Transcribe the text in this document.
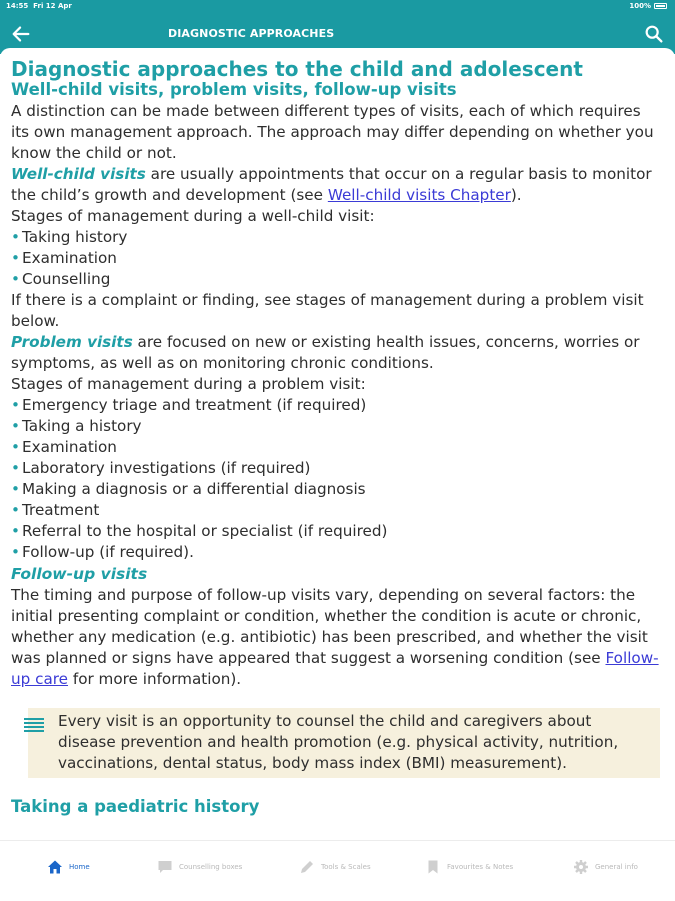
14:55 Fri 12 Apr	100%
DIAGNOSTIC APPROACHES
Diagnostic approaches to the child and adolescent
Well-child visits, problem visits, follow-up visits

A distinction can be made between different types of visits, each of which requires its own management approach. The approach may differ depending on whether you know the child or not.

Well-child visits are usually appointments that occur on a regular basis to monitor the child’s growth and development (see Well-child visits Chapter).

Stages of management during a well-child visit:

• Taking history
• Examination
• Counselling

If there is a complaint or finding, see stages of management during a problem visit below.

Problem visits are focused on new or existing health issues, concerns, worries or symptoms, as well as on monitoring chronic conditions.

Stages of management during a problem visit:

• Emergency triage and treatment (if required)
• Taking a history
• Examination
• Laboratory investigations (if required)
• Making a diagnosis or a differential diagnosis
• Treatment
• Referral to the hospital or specialist (if required)
• Follow-up (if required).
Follow-up visits

The timing and purpose of follow-up visits vary, depending on several factors: the initial presenting complaint or condition, whether the condition is acute or chronic, whether any medication (e.g. antibiotic) has been prescribed, and whether the visit was planned or signs have appeared that suggest a worsening condition (see Follow-up care for more information).

Every visit is an opportunity to counsel the child and caregivers about disease prevention and health promotion (e.g. physical activity, nutrition, vaccinations, dental status, body mass index (BMI) measurement).
Taking a paediatric history
Home	Counselling boxes	Tools & Scales	Favourites & Notes	General info
